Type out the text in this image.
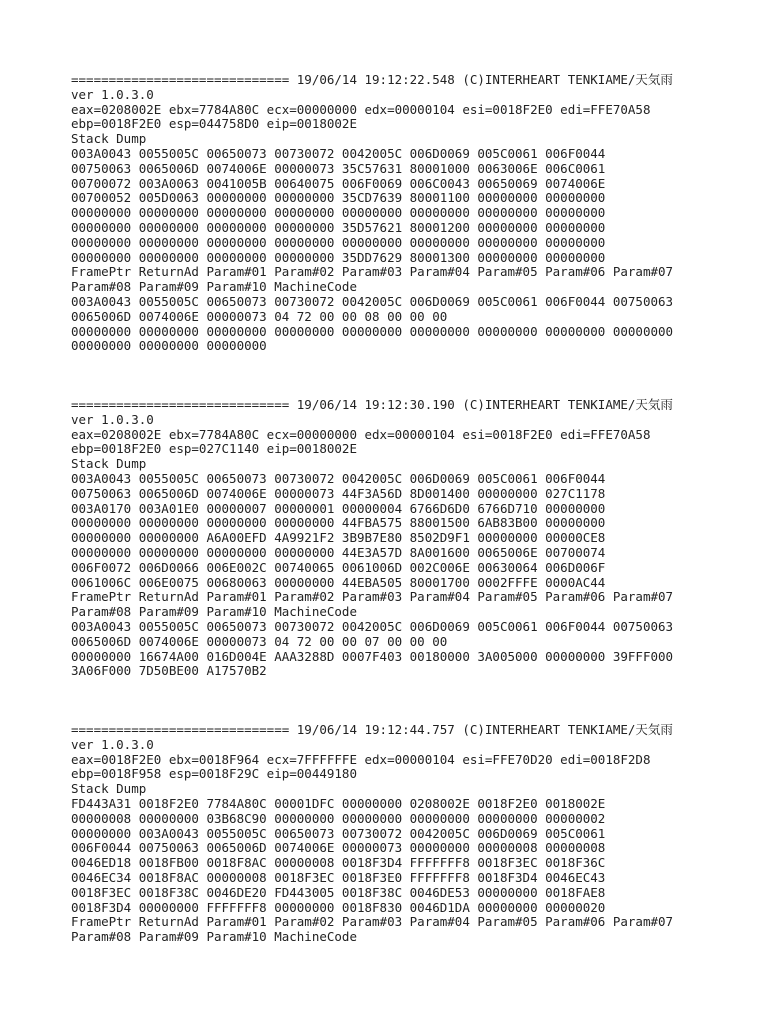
============================= 19/06/14 19:12:22.548 (C)INTERHEART TENKIAME/天気雨
ver 1.0.3.0
eax=0208002E ebx=7784A80C ecx=00000000 edx=00000104 esi=0018F2E0 edi=FFE70A58
ebp=0018F2E0 esp=044758D0 eip=0018002E
Stack Dump
003A0043 0055005C 00650073 00730072 0042005C 006D0069 005C0061 006F0044
00750063 0065006D 0074006E 00000073 35C57631 80001000 0063006E 006C0061
00700072 003A0063 0041005B 00640075 006F0069 006C0043 00650069 0074006E
00700052 005D0063 00000000 00000000 35CD7639 80001100 00000000 00000000
00000000 00000000 00000000 00000000 00000000 00000000 00000000 00000000
00000000 00000000 00000000 00000000 35D57621 80001200 00000000 00000000
00000000 00000000 00000000 00000000 00000000 00000000 00000000 00000000
00000000 00000000 00000000 00000000 35DD7629 80001300 00000000 00000000
FramePtr ReturnAd Param#01 Param#02 Param#03 Param#04 Param#05 Param#06 Param#07
Param#08 Param#09 Param#10 MachineCode
003A0043 0055005C 00650073 00730072 0042005C 006D0069 005C0061 006F0044 00750063
0065006D 0074006E 00000073 04 72 00 00 08 00 00 00
00000000 00000000 00000000 00000000 00000000 00000000 00000000 00000000 00000000
00000000 00000000 00000000
============================= 19/06/14 19:12:30.190 (C)INTERHEART TENKIAME/天気雨
ver 1.0.3.0
eax=0208002E ebx=7784A80C ecx=00000000 edx=00000104 esi=0018F2E0 edi=FFE70A58
ebp=0018F2E0 esp=027C1140 eip=0018002E
Stack Dump
003A0043 0055005C 00650073 00730072 0042005C 006D0069 005C0061 006F0044
00750063 0065006D 0074006E 00000073 44F3A56D 8D001400 00000000 027C1178
003A0170 003A01E0 00000007 00000001 00000004 6766D6D0 6766D710 00000000
00000000 00000000 00000000 00000000 44FBA575 88001500 6AB83B00 00000000
00000000 00000000 A6A00EFD 4A9921F2 3B9B7E80 8502D9F1 00000000 00000CE8
00000000 00000000 00000000 00000000 44E3A57D 8A001600 0065006E 00700074
006F0072 006D0066 006E002C 00740065 0061006D 002C006E 00630064 006D006F
0061006C 006E0075 00680063 00000000 44EBA505 80001700 0002FFFE 0000AC44
FramePtr ReturnAd Param#01 Param#02 Param#03 Param#04 Param#05 Param#06 Param#07
Param#08 Param#09 Param#10 MachineCode
003A0043 0055005C 00650073 00730072 0042005C 006D0069 005C0061 006F0044 00750063
0065006D 0074006E 00000073 04 72 00 00 07 00 00 00
00000000 16674A00 016D004E AAA3288D 0007F403 00180000 3A005000 00000000 39FFF000
3A06F000 7D50BE00 A17570B2
============================= 19/06/14 19:12:44.757 (C)INTERHEART TENKIAME/天気雨
ver 1.0.3.0
eax=0018F2E0 ebx=0018F964 ecx=7FFFFFFE edx=00000104 esi=FFE70D20 edi=0018F2D8
ebp=0018F958 esp=0018F29C eip=00449180
Stack Dump
FD443A31 0018F2E0 7784A80C 00001DFC 00000000 0208002E 0018F2E0 0018002E
00000008 00000000 03B68C90 00000000 00000000 00000000 00000000 00000002
00000000 003A0043 0055005C 00650073 00730072 0042005C 006D0069 005C0061
006F0044 00750063 0065006D 0074006E 00000073 00000000 00000008 00000008
0046ED18 0018FB00 0018F8AC 00000008 0018F3D4 FFFFFFF8 0018F3EC 0018F36C
0046EC34 0018F8AC 00000008 0018F3EC 0018F3E0 FFFFFFF8 0018F3D4 0046EC43
0018F3EC 0018F38C 0046DE20 FD443005 0018F38C 0046DE53 00000000 0018FAE8
0018F3D4 00000000 FFFFFFF8 00000000 0018F830 0046D1DA 00000000 00000020
FramePtr ReturnAd Param#01 Param#02 Param#03 Param#04 Param#05 Param#06 Param#07
Param#08 Param#09 Param#10 MachineCode
